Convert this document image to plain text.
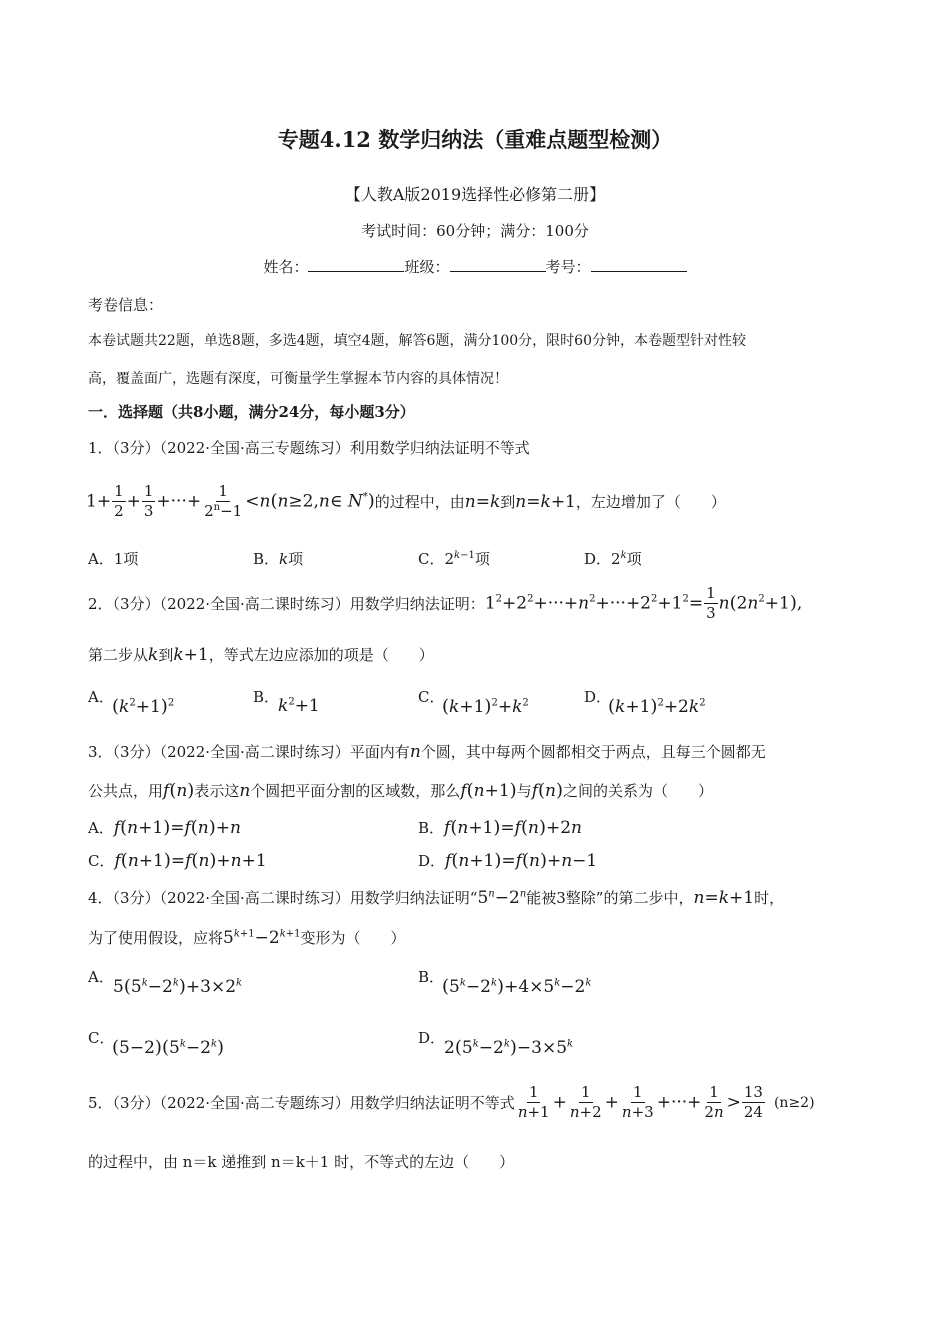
专题4.12 数学归纳法（重难点题型检测）
【人教A版2019选择性必修第二册】
考试时间：60分钟；满分：100分
姓名：	班级：	考号：
考卷信息：
本卷试题共22题，单选8题，多选4题，填空4题，解答6题，满分100分，限时60分钟，本卷题型针对性较
高，覆盖面广，选题有深度，可衡量学生掌握本节内容的具体情况！
一．选择题（共8小题，满分24分，每小题3分）
1．（3分）（2022·全国·高三专题练习）利用数学归纳法证明不等式
$1+ \frac{1}{2} + \frac{1}{3}$ +···+ $\frac{1}{2^n-1}$ <n(n≥2,n∈ N*) 的过程中，由 n=k 到 n=k+1 ，左边增加了（　　）
A．1项	B．k项	C．$2^{k-1}$项	D．2$^k$项
2．（3分）（2022·全国·高二课时练习）用数学归纳法证明： $1^2+2^2+\cdot\cdot\cdot+n^2+\cdot\cdot\cdot+2^2+1^2= \frac{1}{3} n(2n^2+1)$,
第二步从k到k+1，等式左边应添加的项是（　　）
A．
$(k^2+1)^2$	B．
$k^2+1$	C．
$(k+1)^2+k^2$	D．
$(k+1)^2+2k^2$
3．（3分）（2022·全国·高二课时练习）平面内有n个圆，其中每两个圆都相交于两点，且每三个圆都无
公共点，用f(n)表示这n个圆把平面分割的区域数，那么f(n+1)与f(n)之间的关系为（　　）
A．f(n+1)=f(n)+n	B．f(n+1)=f(n)+2n
C．f(n+1)=f(n)+n+1	D．f(n+1)=f(n)+n−1
4．（3分）（2022·全国·高二课时练习）用数学归纳法证明“$5^n-2^n$能被3整除”的第二步中，n=k+1时，
为了使用假设，应将$5^{k+1}-2^{k+1}$变形为（　　）
A． $5(5^k-2^k)+3\times 2^k$	B．
$(5^k-2^k)+4\times 5^k-2^k$
C．
$(5-2)(5^k-2^k)$	D．
$2(5^k-2^k)-3\times 5^k$
5．（3分）（2022·全国·高二专题练习）用数学归纳法证明不等式 $\frac{1}{n+1} + \frac{1}{n+2} + \frac{1}{n+3}$ +···+ $\frac{1}{2n} > \frac{13}{24} (n\ge 2)$
的过程中，由 n＝k 递推到 n＝k＋1 时，不等式的左边（　　）
